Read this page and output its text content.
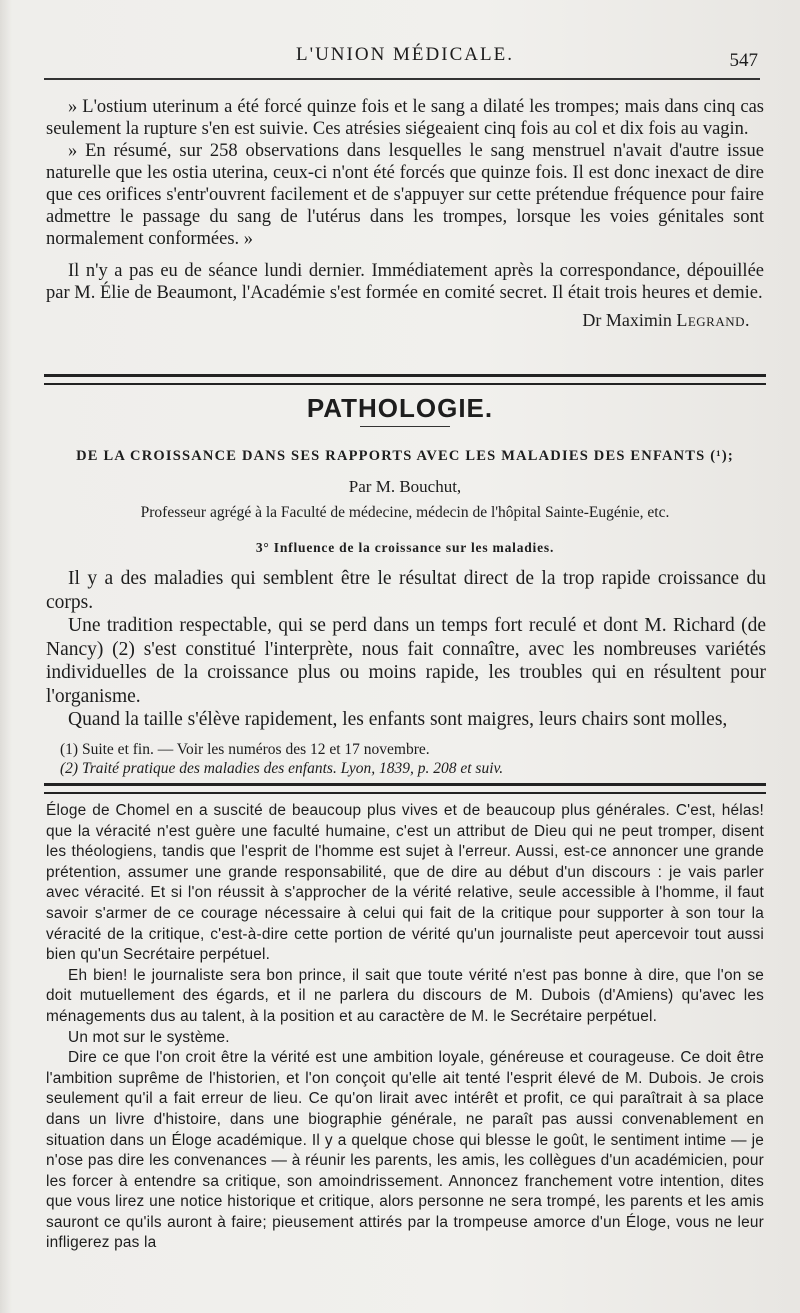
L'UNION MÉDICALE.	547

» L'ostium uterinum a été forcé quinze fois et le sang a dilaté les trompes; mais dans cinq cas seulement la rupture s'en est suivie. Ces atrésies siégeaient cinq fois au col et dix fois au vagin.

» En résumé, sur 258 observations dans lesquelles le sang menstruel n'avait d'autre issue naturelle que les ostia uterina, ceux-ci n'ont été forcés que quinze fois. Il est donc inexact de dire que ces orifices s'entr'ouvrent facilement et de s'appuyer sur cette prétendue fréquence pour faire admettre le passage du sang de l'utérus dans les trompes, lorsque les voies génitales sont normalement conformées. »

Il n'y a pas eu de séance lundi dernier. Immédiatement après la correspondance, dépouillée par M. Élie de Beaumont, l'Académie s'est formée en comité secret. Il était trois heures et demie.

Dr Maximin Legrand.
PATHOLOGIE.
DE LA CROISSANCE DANS SES RAPPORTS AVEC LES MALADIES DES ENFANTS (¹);
Par M. Bouchut,
Professeur agrégé à la Faculté de médecine, médecin de l'hôpital Sainte-Eugénie, etc.
3° Influence de la croissance sur les maladies.

Il y a des maladies qui semblent être le résultat direct de la trop rapide croissance du corps.

Une tradition respectable, qui se perd dans un temps fort reculé et dont M. Richard (de Nancy) (2) s'est constitué l'interprète, nous fait connaître, avec les nombreuses variétés individuelles de la croissance plus ou moins rapide, les troubles qui en résultent pour l'organisme.

Quand la taille s'élève rapidement, les enfants sont maigres, leurs chairs sont molles,

(1) Suite et fin. — Voir les numéros des 12 et 17 novembre.

(2) Traité pratique des maladies des enfants. Lyon, 1839, p. 208 et suiv.

Éloge de Chomel en a suscité de beaucoup plus vives et de beaucoup plus générales. C'est, hélas! que la véracité n'est guère une faculté humaine, c'est un attribut de Dieu qui ne peut tromper, disent les théologiens, tandis que l'esprit de l'homme est sujet à l'erreur. Aussi, est-ce annoncer une grande prétention, assumer une grande responsabilité, que de dire au début d'un discours : je vais parler avec véracité. Et si l'on réussit à s'approcher de la vérité relative, seule accessible à l'homme, il faut savoir s'armer de ce courage nécessaire à celui qui fait de la critique pour supporter à son tour la véracité de la critique, c'est-à-dire cette portion de vérité qu'un journaliste peut apercevoir tout aussi bien qu'un Secrétaire perpétuel.

Eh bien! le journaliste sera bon prince, il sait que toute vérité n'est pas bonne à dire, que l'on se doit mutuellement des égards, et il ne parlera du discours de M. Dubois (d'Amiens) qu'avec les ménagements dus au talent, à la position et au caractère de M. le Secrétaire perpétuel.

Un mot sur le système.

Dire ce que l'on croit être la vérité est une ambition loyale, généreuse et courageuse. Ce doit être l'ambition suprême de l'historien, et l'on conçoit qu'elle ait tenté l'esprit élevé de M. Dubois. Je crois seulement qu'il a fait erreur de lieu. Ce qu'on lirait avec intérêt et profit, ce qui paraîtrait à sa place dans un livre d'histoire, dans une biographie générale, ne paraît pas aussi convenablement en situation dans un Éloge académique. Il y a quelque chose qui blesse le goût, le sentiment intime — je n'ose pas dire les convenances — à réunir les parents, les amis, les collègues d'un académicien, pour les forcer à entendre sa critique, son amoindrissement. Annoncez franchement votre intention, dites que vous lirez une notice historique et critique, alors personne ne sera trompé, les parents et les amis sauront ce qu'ils auront à faire; pieusement attirés par la trompeuse amorce d'un Éloge, vous ne leur infligerez pas la
